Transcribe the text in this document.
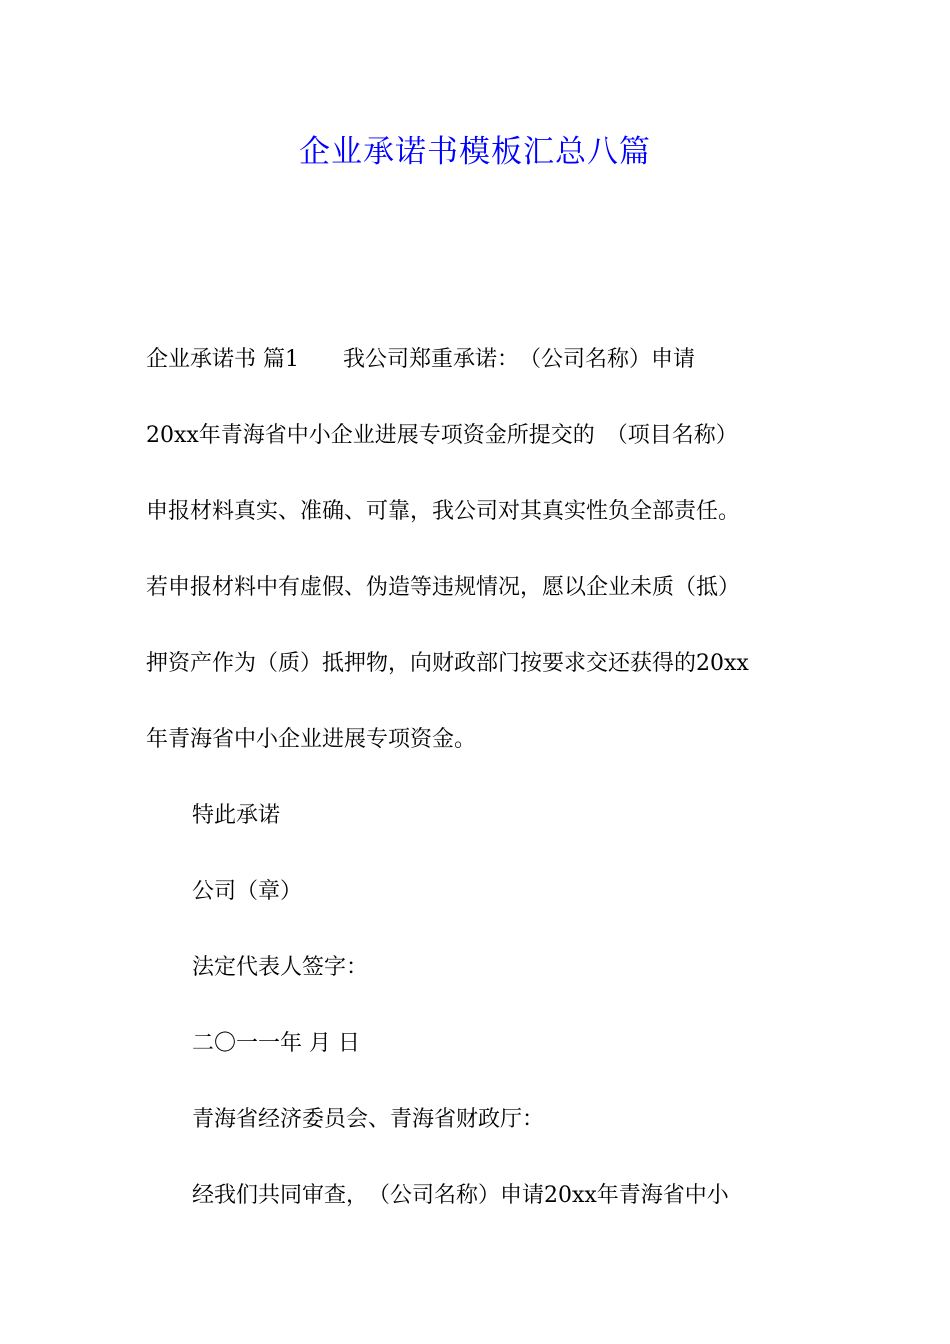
企业承诺书模板汇总八篇
企业承诺书 篇1 我公司郑重承诺：　（公司名称）申请
20xx年青海省中小企业进展专项资金所提交的　（项目名称）
申报材料真实、准确、可靠，我公司对其真实性负全部责任。
若申报材料中有虚假、伪造等违规情况，愿以企业未质（抵）
押资产作为（质）抵押物，向财政部门按要求交还获得的20xx
年青海省中小企业进展专项资金。
特此承诺
公司（章）
法定代表人签字：
二〇一一年 月 日
青海省经济委员会、青海省财政厅：
经我们共同审查，　（公司名称）申请20xx年青海省中小
